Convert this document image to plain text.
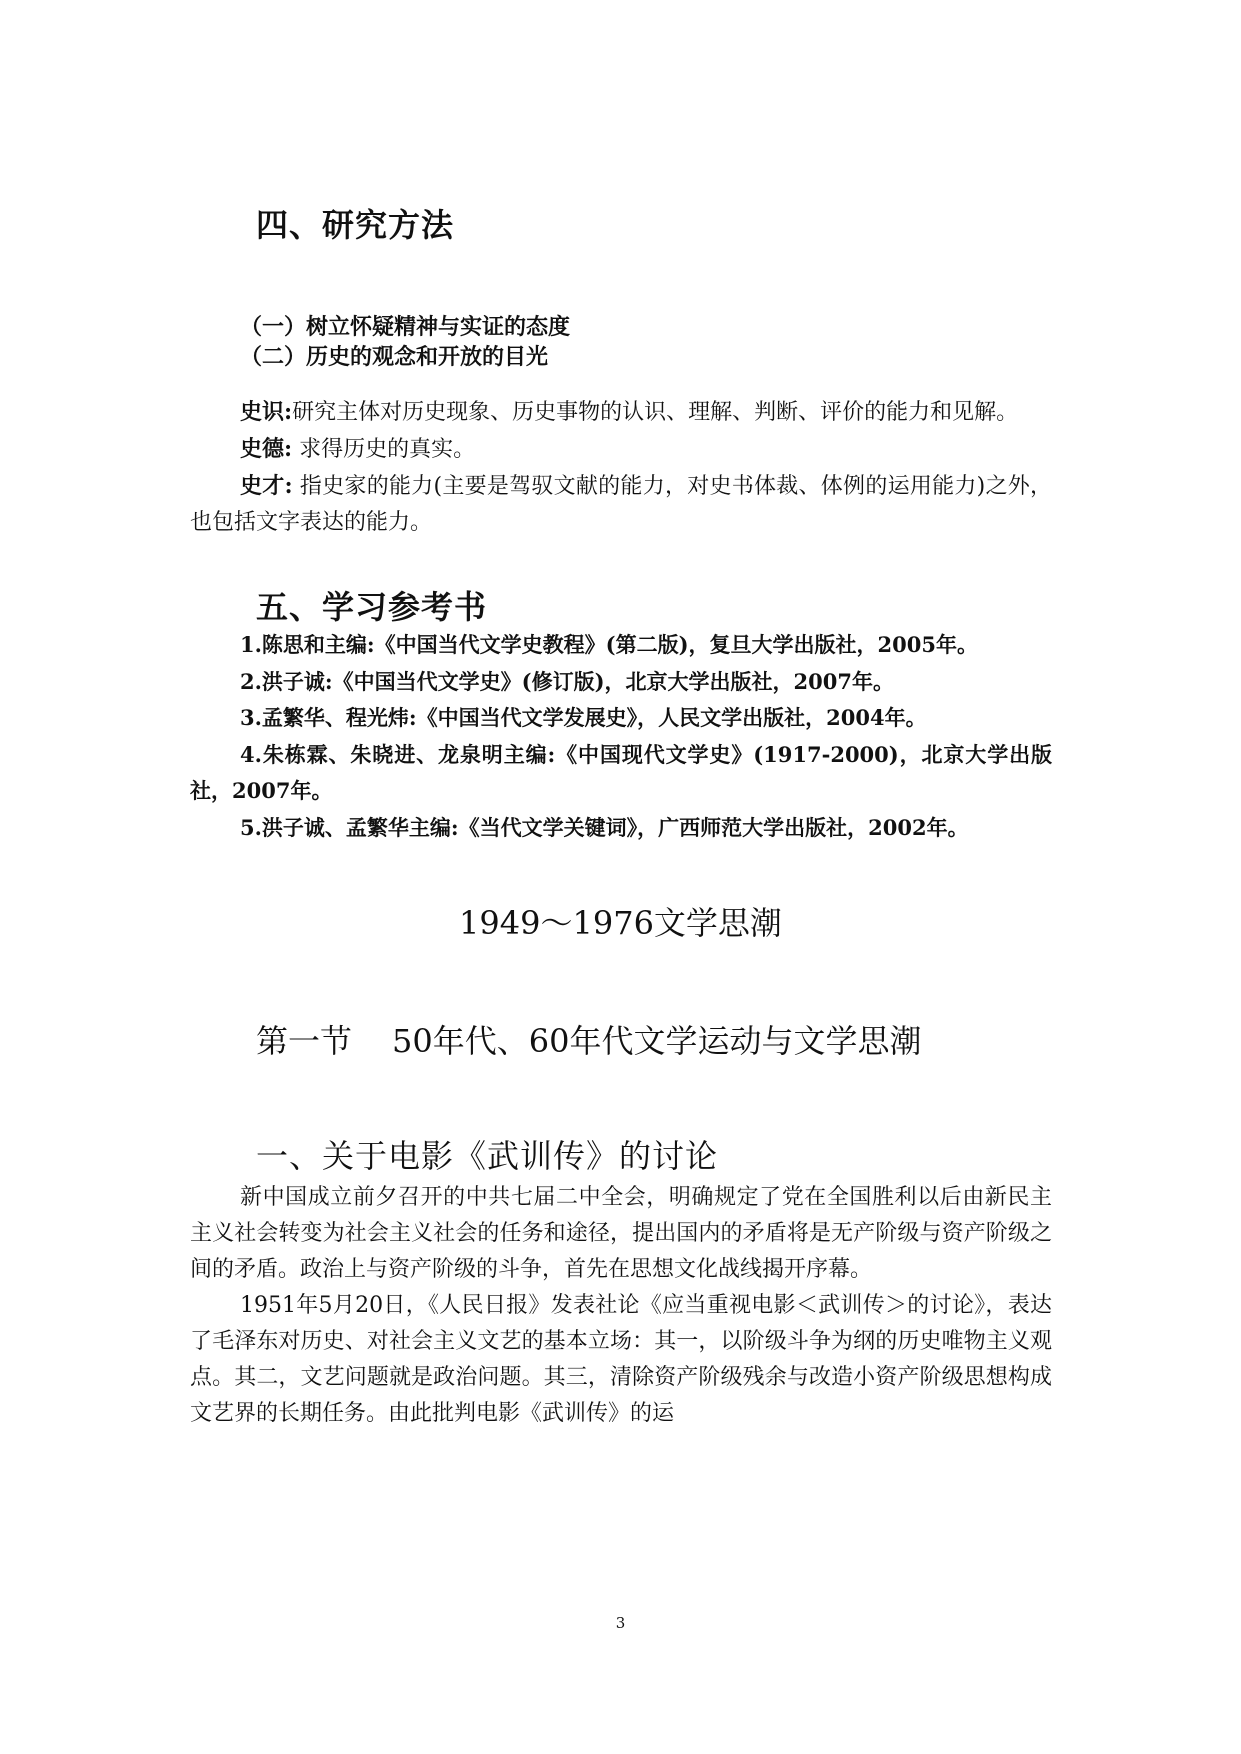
四、研究方法
（一）树立怀疑精神与实证的态度
（二）历史的观念和开放的目光

史识:研究主体对历史现象、历史事物的认识、理解、判断、评价的能力和见解。

史德: 求得历史的真实。

史才: 指史家的能力(主要是驾驭文献的能力，对史书体裁、体例的运用能力)之外，也包括文字表达的能力。

五、学习参考书

1.陈思和主编:《中国当代文学史教程》(第二版)，复旦大学出版社，2005年。

2.洪子诚:《中国当代文学史》(修订版)，北京大学出版社，2007年。

3.孟繁华、程光炜:《中国当代文学发展史》，人民文学出版社，2004年。

4.朱栋霖、朱晓进、龙泉明主编:《中国现代文学史》(1917-2000)，北京大学出版社，2007年。

5.洪子诚、孟繁华主编:《当代文学关键词》，广西师范大学出版社，2002年。

1949～1976文学思潮
第一节 50年代、60年代文学运动与文学思潮
一、关于电影《武训传》的讨论

新中国成立前夕召开的中共七届二中全会，明确规定了党在全国胜利以后由新民主主义社会转变为社会主义社会的任务和途径，提出国内的矛盾将是无产阶级与资产阶级之间的矛盾。政治上与资产阶级的斗争，首先在思想文化战线揭开序幕。

1951年5月20日，《人民日报》发表社论《应当重视电影＜武训传＞的讨论》，表达了毛泽东对历史、对社会主义文艺的基本立场：其一，以阶级斗争为纲的历史唯物主义观点。其二，文艺问题就是政治问题。其三，清除资产阶级残余与改造小资产阶级思想构成文艺界的长期任务。由此批判电影《武训传》的运

3
